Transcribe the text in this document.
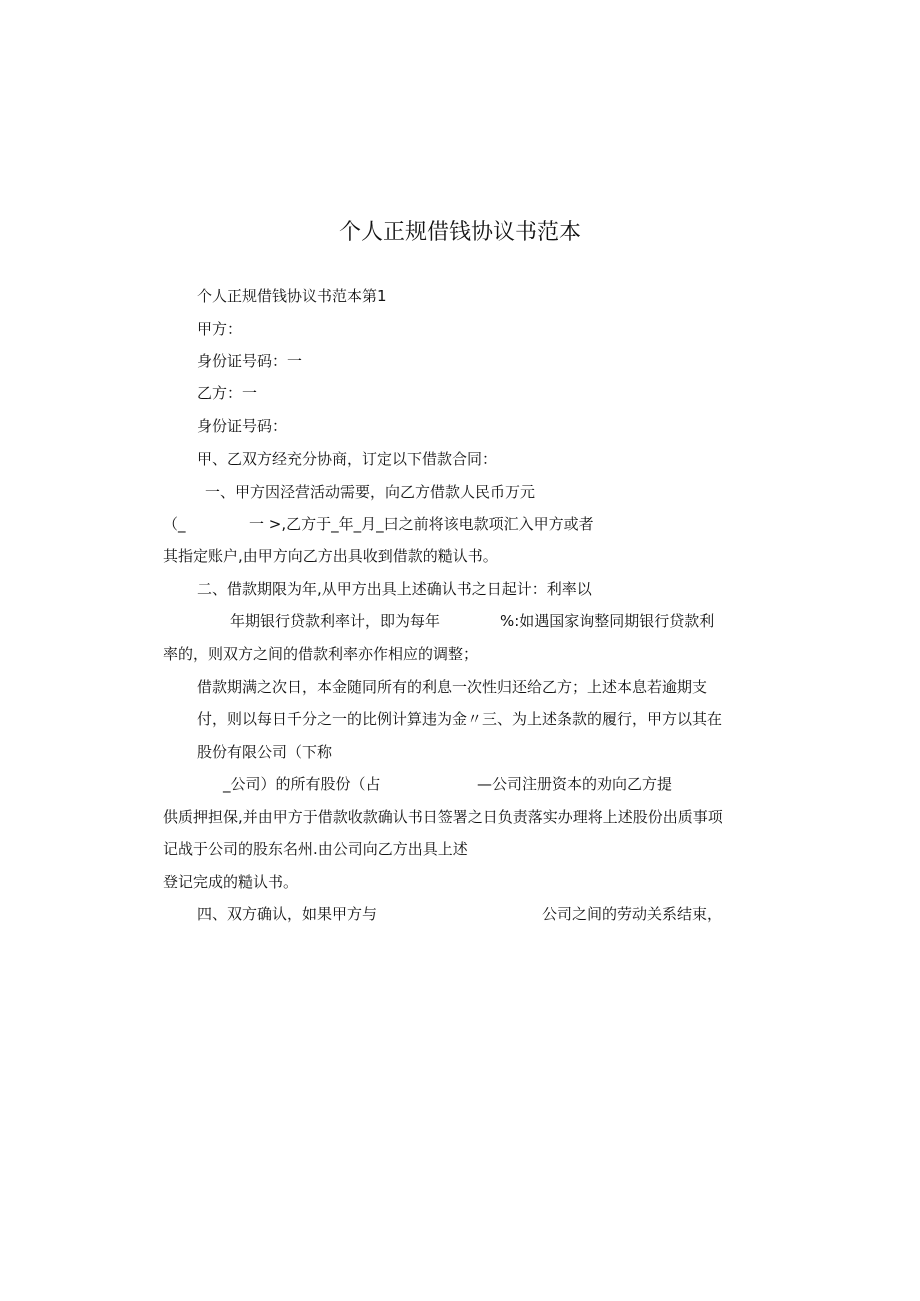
个人正规借钱协议书范本
个人正规借钱协议书范本第1
甲方：
身份证号码：一
乙方：一
身份证号码：
甲、乙双方经充分协商，订定以下借款合同：
一、甲方因泾营活动需要，向乙方借款人民币万元
（_	一 >,乙方于_年_月_曰之前将该电款项汇入甲方或者
其指定账户,由甲方向乙方出具收到借款的糙认书。
二、借款期限为年,从甲方出具上述确认书之日起计：利率以
年期银行贷款利率计，即为每年	%:如遇国家询整同期银行贷款利
率的，则双方之间的借款利率亦作相应的调整；
借款期满之次日，本金随同所有的利息一次性归还给乙方；上述本息若逾期支
付，则以每日千分之一的比例计算违为金〃三、为上述条款的履行，甲方以其在
股份有限公司（下称
_公司）的所有股份（占	—公司注册资本的劝向乙方提
供质押担保,并由甲方于借款收款确认书日签署之日负责落实办理将上述股份出质事项
记战于公司的股东名州.由公司向乙方出具上述
登记完成的糙认书。
四、双方确认，如果甲方与	公司之间的劳动关系结束，
